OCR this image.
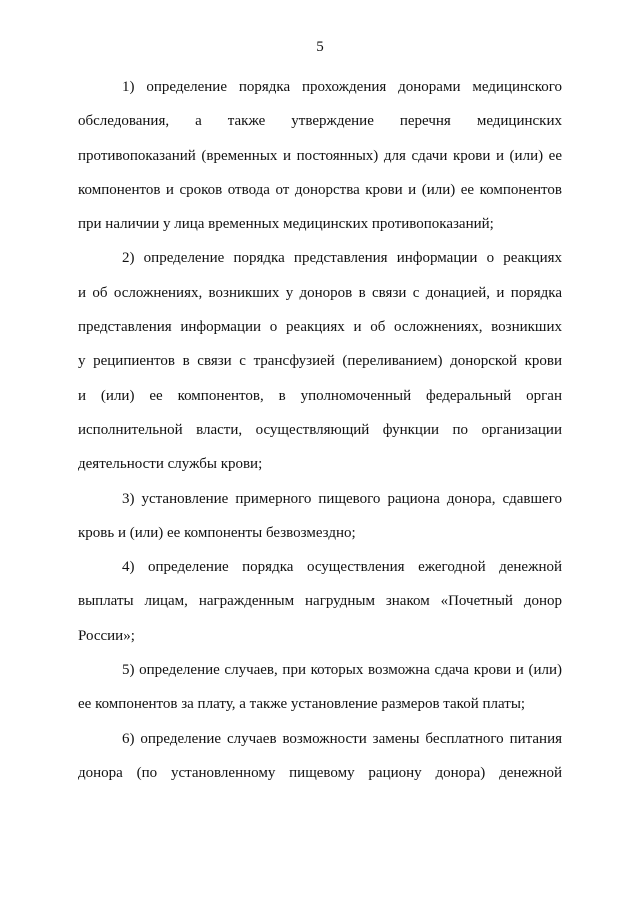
5
1) определение порядка прохождения донорами медицинского
обследования, а также утверждение перечня медицинских
противопоказаний (временных и постоянных) для сдачи крови и (или) ее
компонентов и сроков отвода от донорства крови и (или) ее компонентов
при наличии у лица временных медицинских противопоказаний;
2) определение порядка представления информации о реакциях
и об осложнениях, возникших у доноров в связи с донацией, и порядка
представления информации о реакциях и об осложнениях, возникших
у реципиентов в связи с трансфузией (переливанием) донорской крови
и (или) ее компонентов, в уполномоченный федеральный орган
исполнительной власти, осуществляющий функции по организации
деятельности службы крови;
3) установление примерного пищевого рациона донора, сдавшего
кровь и (или) ее компоненты безвозмездно;
4) определение порядка осуществления ежегодной денежной
выплаты лицам, награжденным нагрудным знаком «Почетный донор
России»;
5) определение случаев, при которых возможна сдача крови и (или)
ее компонентов за плату, а также установление размеров такой платы;
6) определение случаев возможности замены бесплатного питания
донора (по установленному пищевому рациону донора) денежной
